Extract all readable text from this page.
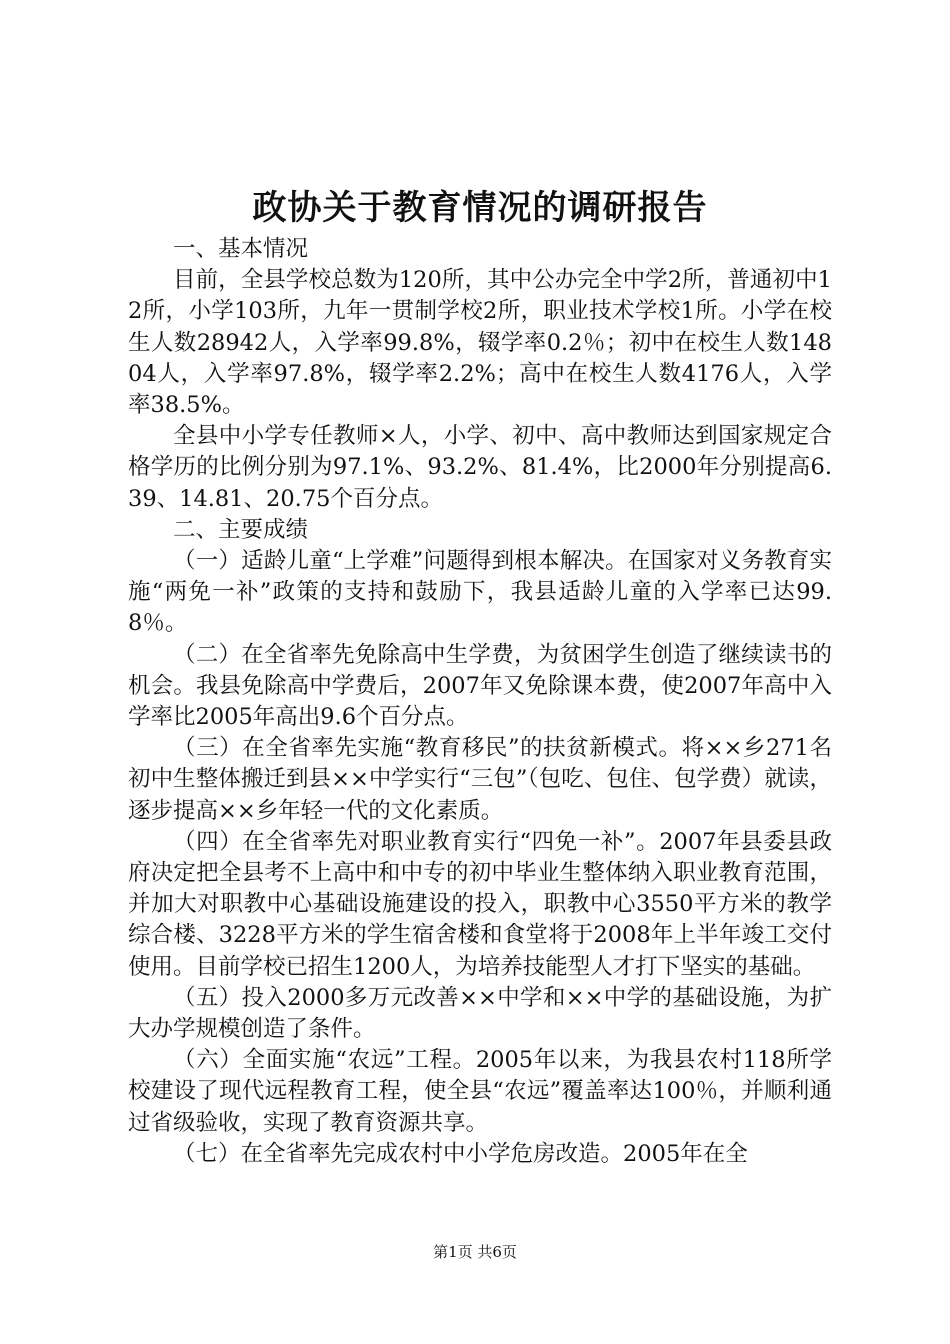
政协关于教育情况的调研报告

一、基本情况

目前，全县学校总数为120所，其中公办完全中学2所，普通初中12所，小学103所，九年一贯制学校2所，职业技术学校1所。小学在校生人数28942人，入学率99.8%，辍学率0.2％；初中在校生人数14804人，入学率97.8%，辍学率2.2%；高中在校生人数4176人，入学率38.5%。

全县中小学专任教师×人，小学、初中、高中教师达到国家规定合格学历的比例分别为97.1%、93.2%、81.4%，比2000年分别提高6.39、14.81、20.75个百分点。

二、主要成绩

（一）适龄儿童“上学难”问题得到根本解决。在国家对义务教育实施“两免一补”政策的支持和鼓励下，我县适龄儿童的入学率已达99.8％。

（二）在全省率先免除高中生学费，为贫困学生创造了继续读书的机会。我县免除高中学费后，2007年又免除课本费，使2007年高中入学率比2005年高出9.6个百分点。

（三）在全省率先实施“教育移民”的扶贫新模式。将××乡271名初中生整体搬迁到县××中学实行“三包”（包吃、包住、包学费）就读，逐步提高××乡年轻一代的文化素质。

（四）在全省率先对职业教育实行“四免一补”。2007年县委县政府决定把全县考不上高中和中专的初中毕业生整体纳入职业教育范围，并加大对职教中心基础设施建设的投入，职教中心3550平方米的教学综合楼、3228平方米的学生宿舍楼和食堂将于2008年上半年竣工交付使用。目前学校已招生1200人，为培养技能型人才打下坚实的基础。

（五）投入2000多万元改善××中学和××中学的基础设施，为扩大办学规模创造了条件。

（六）全面实施“农远”工程。2005年以来，为我县农村118所学校建设了现代远程教育工程，使全县“农远”覆盖率达100％，并顺利通过省级验收，实现了教育资源共享。

（七）在全省率先完成农村中小学危房改造。2005年在全

第1页 共6页
